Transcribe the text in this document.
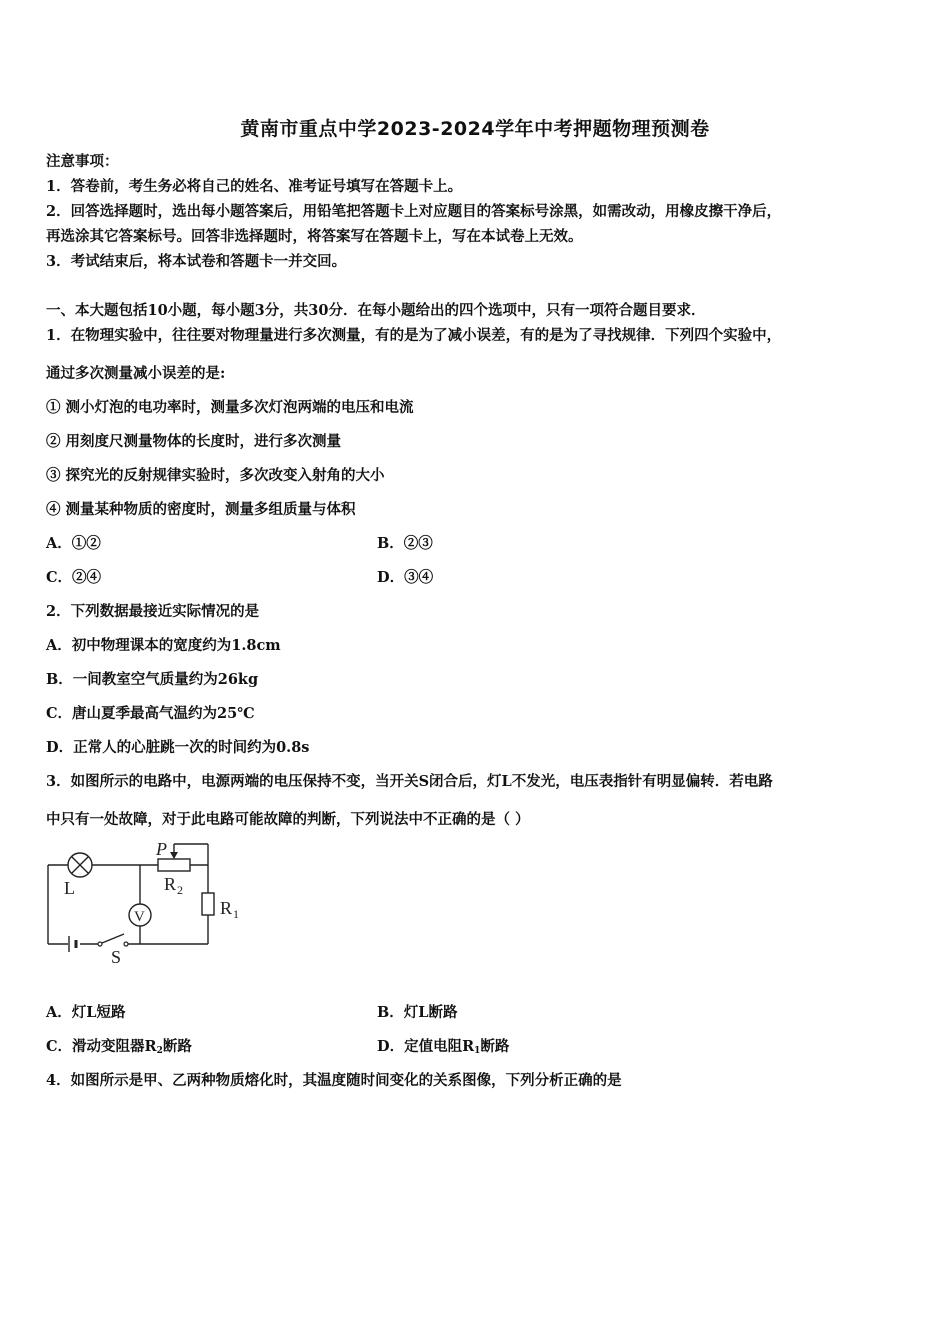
黄南市重点中学2023-2024学年中考押题物理预测卷
注意事项：
1．答卷前，考生务必将自己的姓名、准考证号填写在答题卡上。
2．回答选择题时，选出每小题答案后，用铅笔把答题卡上对应题目的答案标号涂黑，如需改动，用橡皮擦干净后，
再选涂其它答案标号。回答非选择题时，将答案写在答题卡上，写在本试卷上无效。
3．考试结束后，将本试卷和答题卡一并交回。
一、本大题包括10小题，每小题3分，共30分．在每小题给出的四个选项中，只有一项符合题目要求．
1．在物理实验中，往往要对物理量进行多次测量，有的是为了减小误差，有的是为了寻找规律．下列四个实验中，
通过多次测量减小误差的是:
① 测小灯泡的电功率时，测量多次灯泡两端的电压和电流
② 用刻度尺测量物体的长度时，进行多次测量
③ 探究光的反射规律实验时，多次改变入射角的大小
④ 测量某种物质的密度时，测量多组质量与体积
A．①②	B．②③
C．②④	D．③④
2．下列数据最接近实际情况的是
A．初中物理课本的宽度约为1.8cm
B．一间教室空气质量约为26kg
C．唐山夏季最高气温约为25℃
D．正常人的心脏跳一次的时间约为0.8s
3．如图所示的电路中，电源两端的电压保持不变，当开关S闭合后，灯L不发光，电压表指针有明显偏转．若电路
中只有一处故障，对于此电路可能故障的判断，下列说法中不正确的是（ ）
L
P
R 2
V	R 1
S
A．灯L短路	B．灯L断路
C．滑动变阻器$R_2$断路	D．定值电阻$R_1$断路
4．如图所示是甲、乙两种物质熔化时，其温度随时间变化的关系图像，下列分析正确的是
